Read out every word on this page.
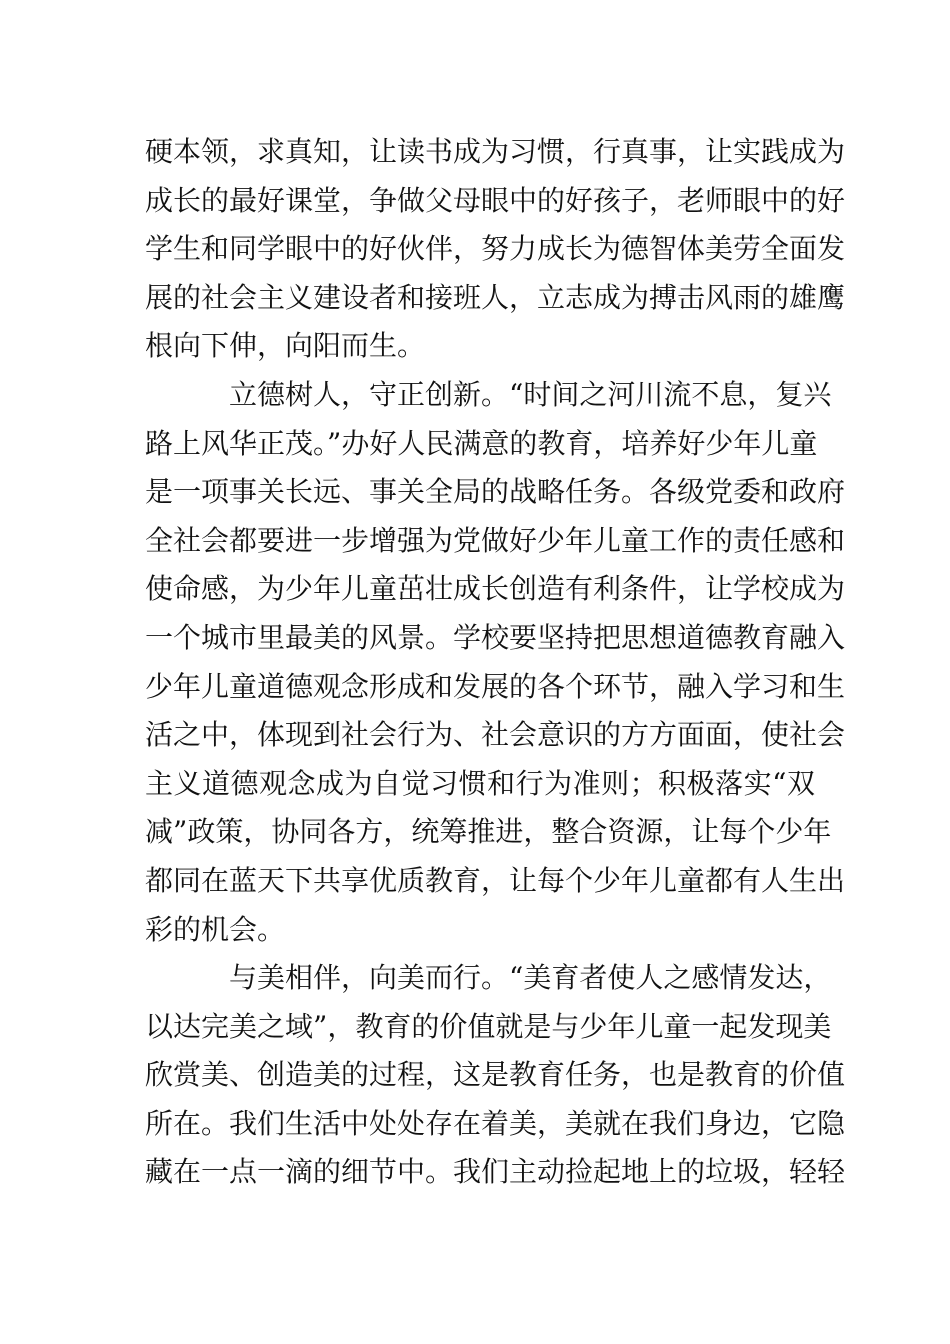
硬本领，求真知，让读书成为习惯，行真事，让实践成为
成长的最好课堂，争做父母眼中的好孩子，老师眼中的好
学生和同学眼中的好伙伴，努力成长为德智体美劳全面发
展的社会主义建设者和接班人，立志成为搏击风雨的雄鹰
根向下伸，向阳而生。
立德树人，守正创新。“时间之河川流不息，复兴
路上风华正茂。”办好人民满意的教育，培养好少年儿童
是一项事关长远、事关全局的战略任务。各级党委和政府
全社会都要进一步增强为党做好少年儿童工作的责任感和
使命感，为少年儿童茁壮成长创造有利条件，让学校成为
一个城市里最美的风景。学校要坚持把思想道德教育融入
少年儿童道德观念形成和发展的各个环节，融入学习和生
活之中，体现到社会行为、社会意识的方方面面，使社会
主义道德观念成为自觉习惯和行为准则；积极落实“双
减”政策，协同各方，统筹推进，整合资源，让每个少年
都同在蓝天下共享优质教育，让每个少年儿童都有人生出
彩的机会。
与美相伴，向美而行。“美育者使人之感情发达，
以达完美之域”，教育的价值就是与少年儿童一起发现美
欣赏美、创造美的过程，这是教育任务，也是教育的价值
所在。我们生活中处处存在着美，美就在我们身边，它隐
藏在一点一滴的细节中。我们主动捡起地上的垃圾，轻轻
